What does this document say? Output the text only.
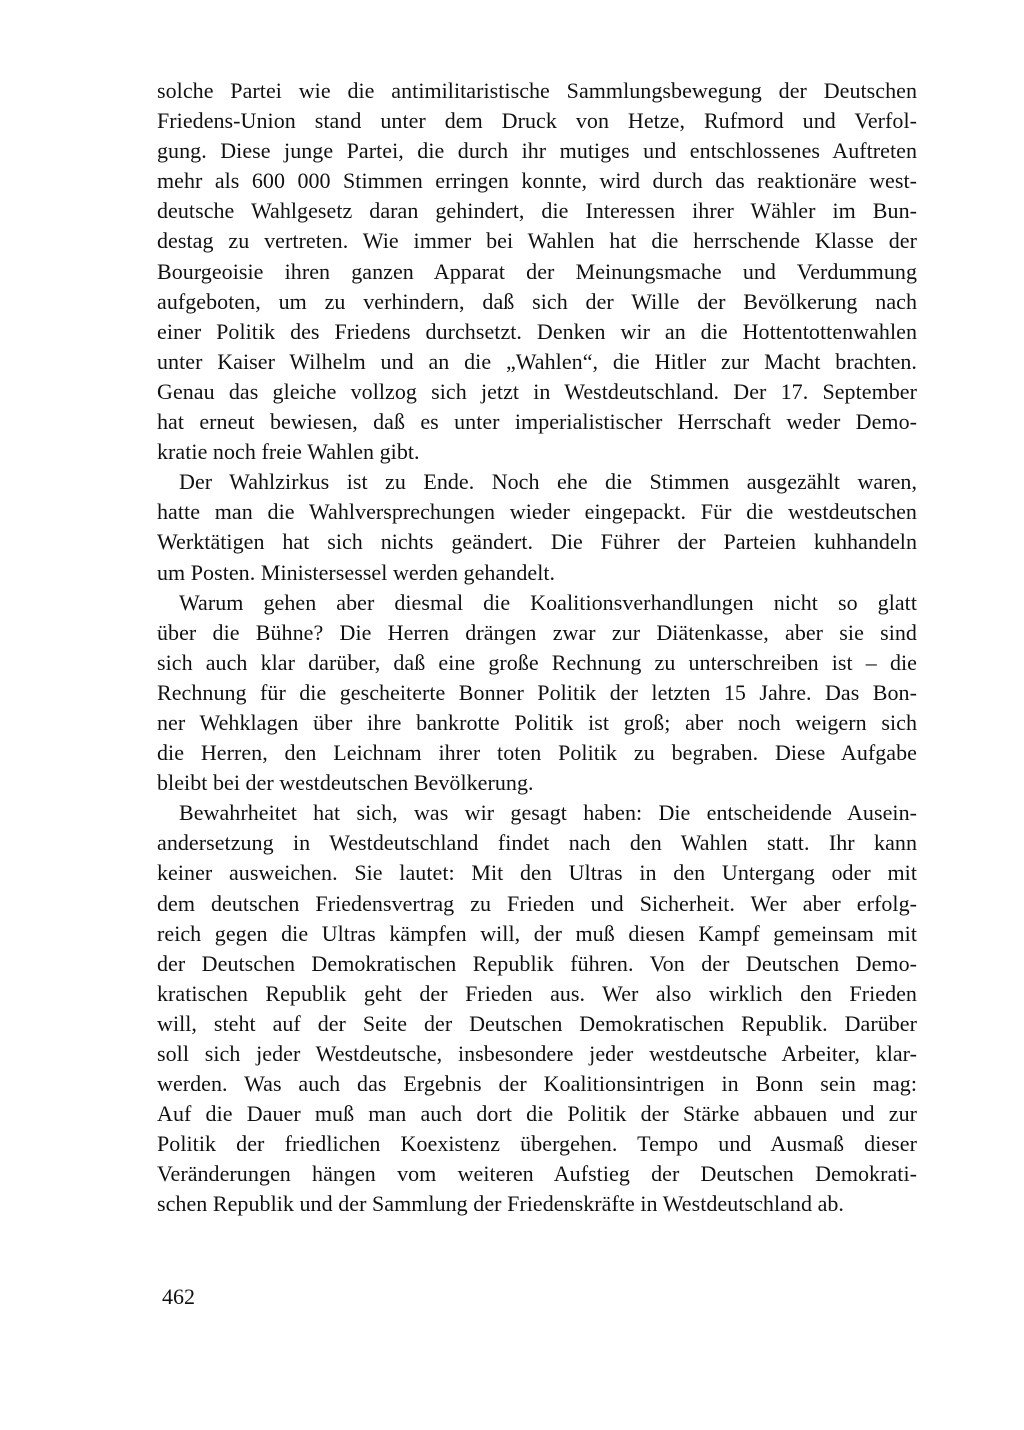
solche Partei wie die antimilitaristische Sammlungsbewegung der Deutschen
Friedens-Union stand unter dem Druck von Hetze, Rufmord und Verfol-
gung. Diese junge Partei, die durch ihr mutiges und entschlossenes Auftreten
mehr als 600 000 Stimmen erringen konnte, wird durch das reaktionäre west-
deutsche Wahlgesetz daran gehindert, die Interessen ihrer Wähler im Bun-
destag zu vertreten. Wie immer bei Wahlen hat die herrschende Klasse der
Bourgeoisie ihren ganzen Apparat der Meinungsmache und Verdummung
aufgeboten, um zu verhindern, daß sich der Wille der Bevölkerung nach
einer Politik des Friedens durchsetzt. Denken wir an die Hottentottenwahlen
unter Kaiser Wilhelm und an die „Wahlen“, die Hitler zur Macht brachten.
Genau das gleiche vollzog sich jetzt in Westdeutschland. Der 17. September
hat erneut bewiesen, daß es unter imperialistischer Herrschaft weder Demo-
kratie noch freie Wahlen gibt.
Der Wahlzirkus ist zu Ende. Noch ehe die Stimmen ausgezählt waren,
hatte man die Wahlversprechungen wieder eingepackt. Für die westdeutschen
Werktätigen hat sich nichts geändert. Die Führer der Parteien kuhhandeln
um Posten. Ministersessel werden gehandelt.
Warum gehen aber diesmal die Koalitionsverhandlungen nicht so glatt
über die Bühne? Die Herren drängen zwar zur Diätenkasse, aber sie sind
sich auch klar darüber, daß eine große Rechnung zu unterschreiben ist – die
Rechnung für die gescheiterte Bonner Politik der letzten 15 Jahre. Das Bon-
ner Wehklagen über ihre bankrotte Politik ist groß; aber noch weigern sich
die Herren, den Leichnam ihrer toten Politik zu begraben. Diese Aufgabe
bleibt bei der westdeutschen Bevölkerung.
Bewahrheitet hat sich, was wir gesagt haben: Die entscheidende Ausein-
andersetzung in Westdeutschland findet nach den Wahlen statt. Ihr kann
keiner ausweichen. Sie lautet: Mit den Ultras in den Untergang oder mit
dem deutschen Friedensvertrag zu Frieden und Sicherheit. Wer aber erfolg-
reich gegen die Ultras kämpfen will, der muß diesen Kampf gemeinsam mit
der Deutschen Demokratischen Republik führen. Von der Deutschen Demo-
kratischen Republik geht der Frieden aus. Wer also wirklich den Frieden
will, steht auf der Seite der Deutschen Demokratischen Republik. Darüber
soll sich jeder Westdeutsche, insbesondere jeder westdeutsche Arbeiter, klar-
werden. Was auch das Ergebnis der Koalitionsintrigen in Bonn sein mag:
Auf die Dauer muß man auch dort die Politik der Stärke abbauen und zur
Politik der friedlichen Koexistenz übergehen. Tempo und Ausmaß dieser
Veränderungen hängen vom weiteren Aufstieg der Deutschen Demokrati-
schen Republik und der Sammlung der Friedenskräfte in Westdeutschland ab.
462
